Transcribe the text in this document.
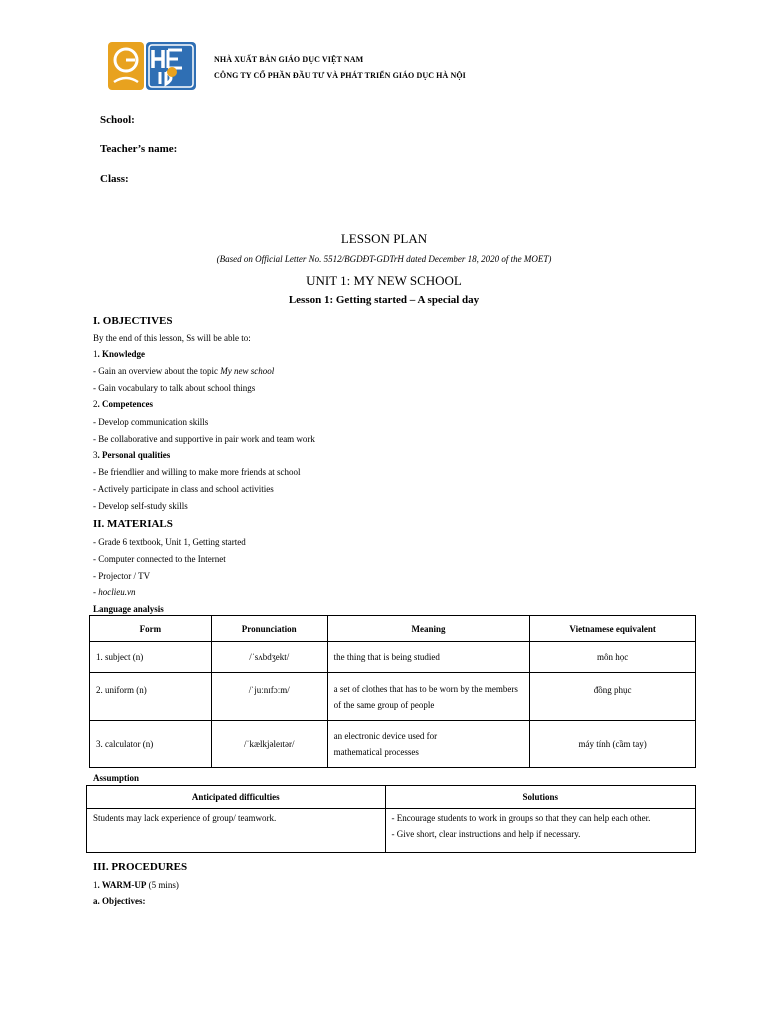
NHÀ XUẤT BẢN GIÁO DỤC VIỆT NAM
CÔNG TY CỔ PHẦN ĐẦU TƯ VÀ PHÁT TRIỂN GIÁO DỤC HÀ NỘI
School:
Teacher’s name:
Class:
LESSON PLAN
(Based on Official Letter No. 5512/BGDĐT-GDTrH dated December 18, 2020 of the MOET)
UNIT 1: MY NEW SCHOOL
Lesson 1: Getting started – A special day
I. OBJECTIVES
By the end of this lesson, Ss will be able to:
1. Knowledge
- Gain an overview about the topic My new school
- Gain vocabulary to talk about school things
2. Competences
- Develop communication skills
- Be collaborative and supportive in pair work and team work
3. Personal qualities
- Be friendlier and willing to make more friends at school
- Actively participate in class and school activities
- Develop self-study skills
II. MATERIALS
- Grade 6 textbook, Unit 1, Getting started
- Computer connected to the Internet
- Projector / TV
- hoclieu.vn
Language analysis
Form	Pronunciation	Meaning	Vietnamese equivalent
1. subject (n)	/ˈsʌbdʒekt/	the thing that is being studied	môn học
2. uniform (n)	/ˈjuːnɪfɔːm/	a set of clothes that has to be worn by the members
of the same group of people	đồng phục
3. calculator (n)	/ˈkælkjəleɪtər/	an electronic device used for
mathematical processes	máy tính (cầm tay)
Assumption
Anticipated difficulties	Solutions
Students may lack experience of group/ teamwork.	- Encourage students to work in groups so that they can help each other.
- Give short, clear instructions and help if necessary.
III. PROCEDURES
1. WARM-UP (5 mins)
a. Objectives:
